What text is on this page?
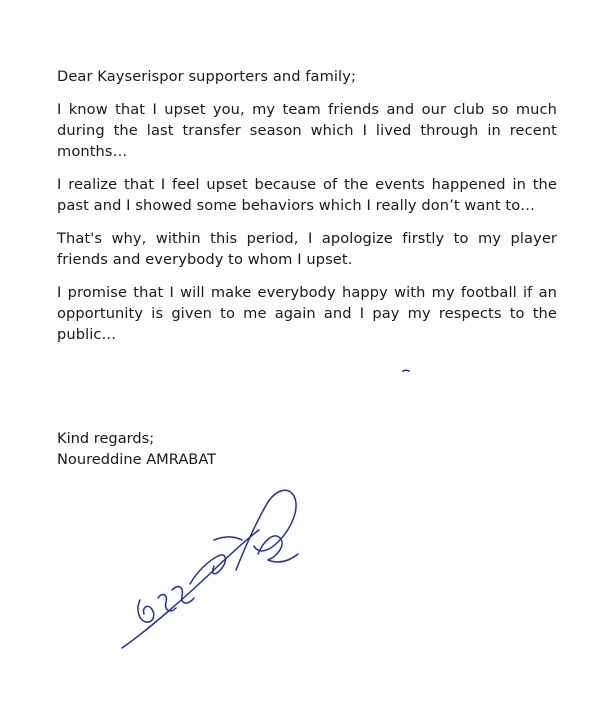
Dear Kayserispor supporters and family;

I know that I upset you, my team friends and our club so much during the last transfer season which I lived through in recent months…

I realize that I feel upset because of the events happened in the past and I showed some behaviors which I really don’t want to…

That's why, within this period, I apologize firstly to my player friends and everybody to whom I upset.

I promise that I will make everybody happy with my football if an opportunity is given to me again and I pay my respects to the public…

Kind regards;
Noureddine AMRABAT
